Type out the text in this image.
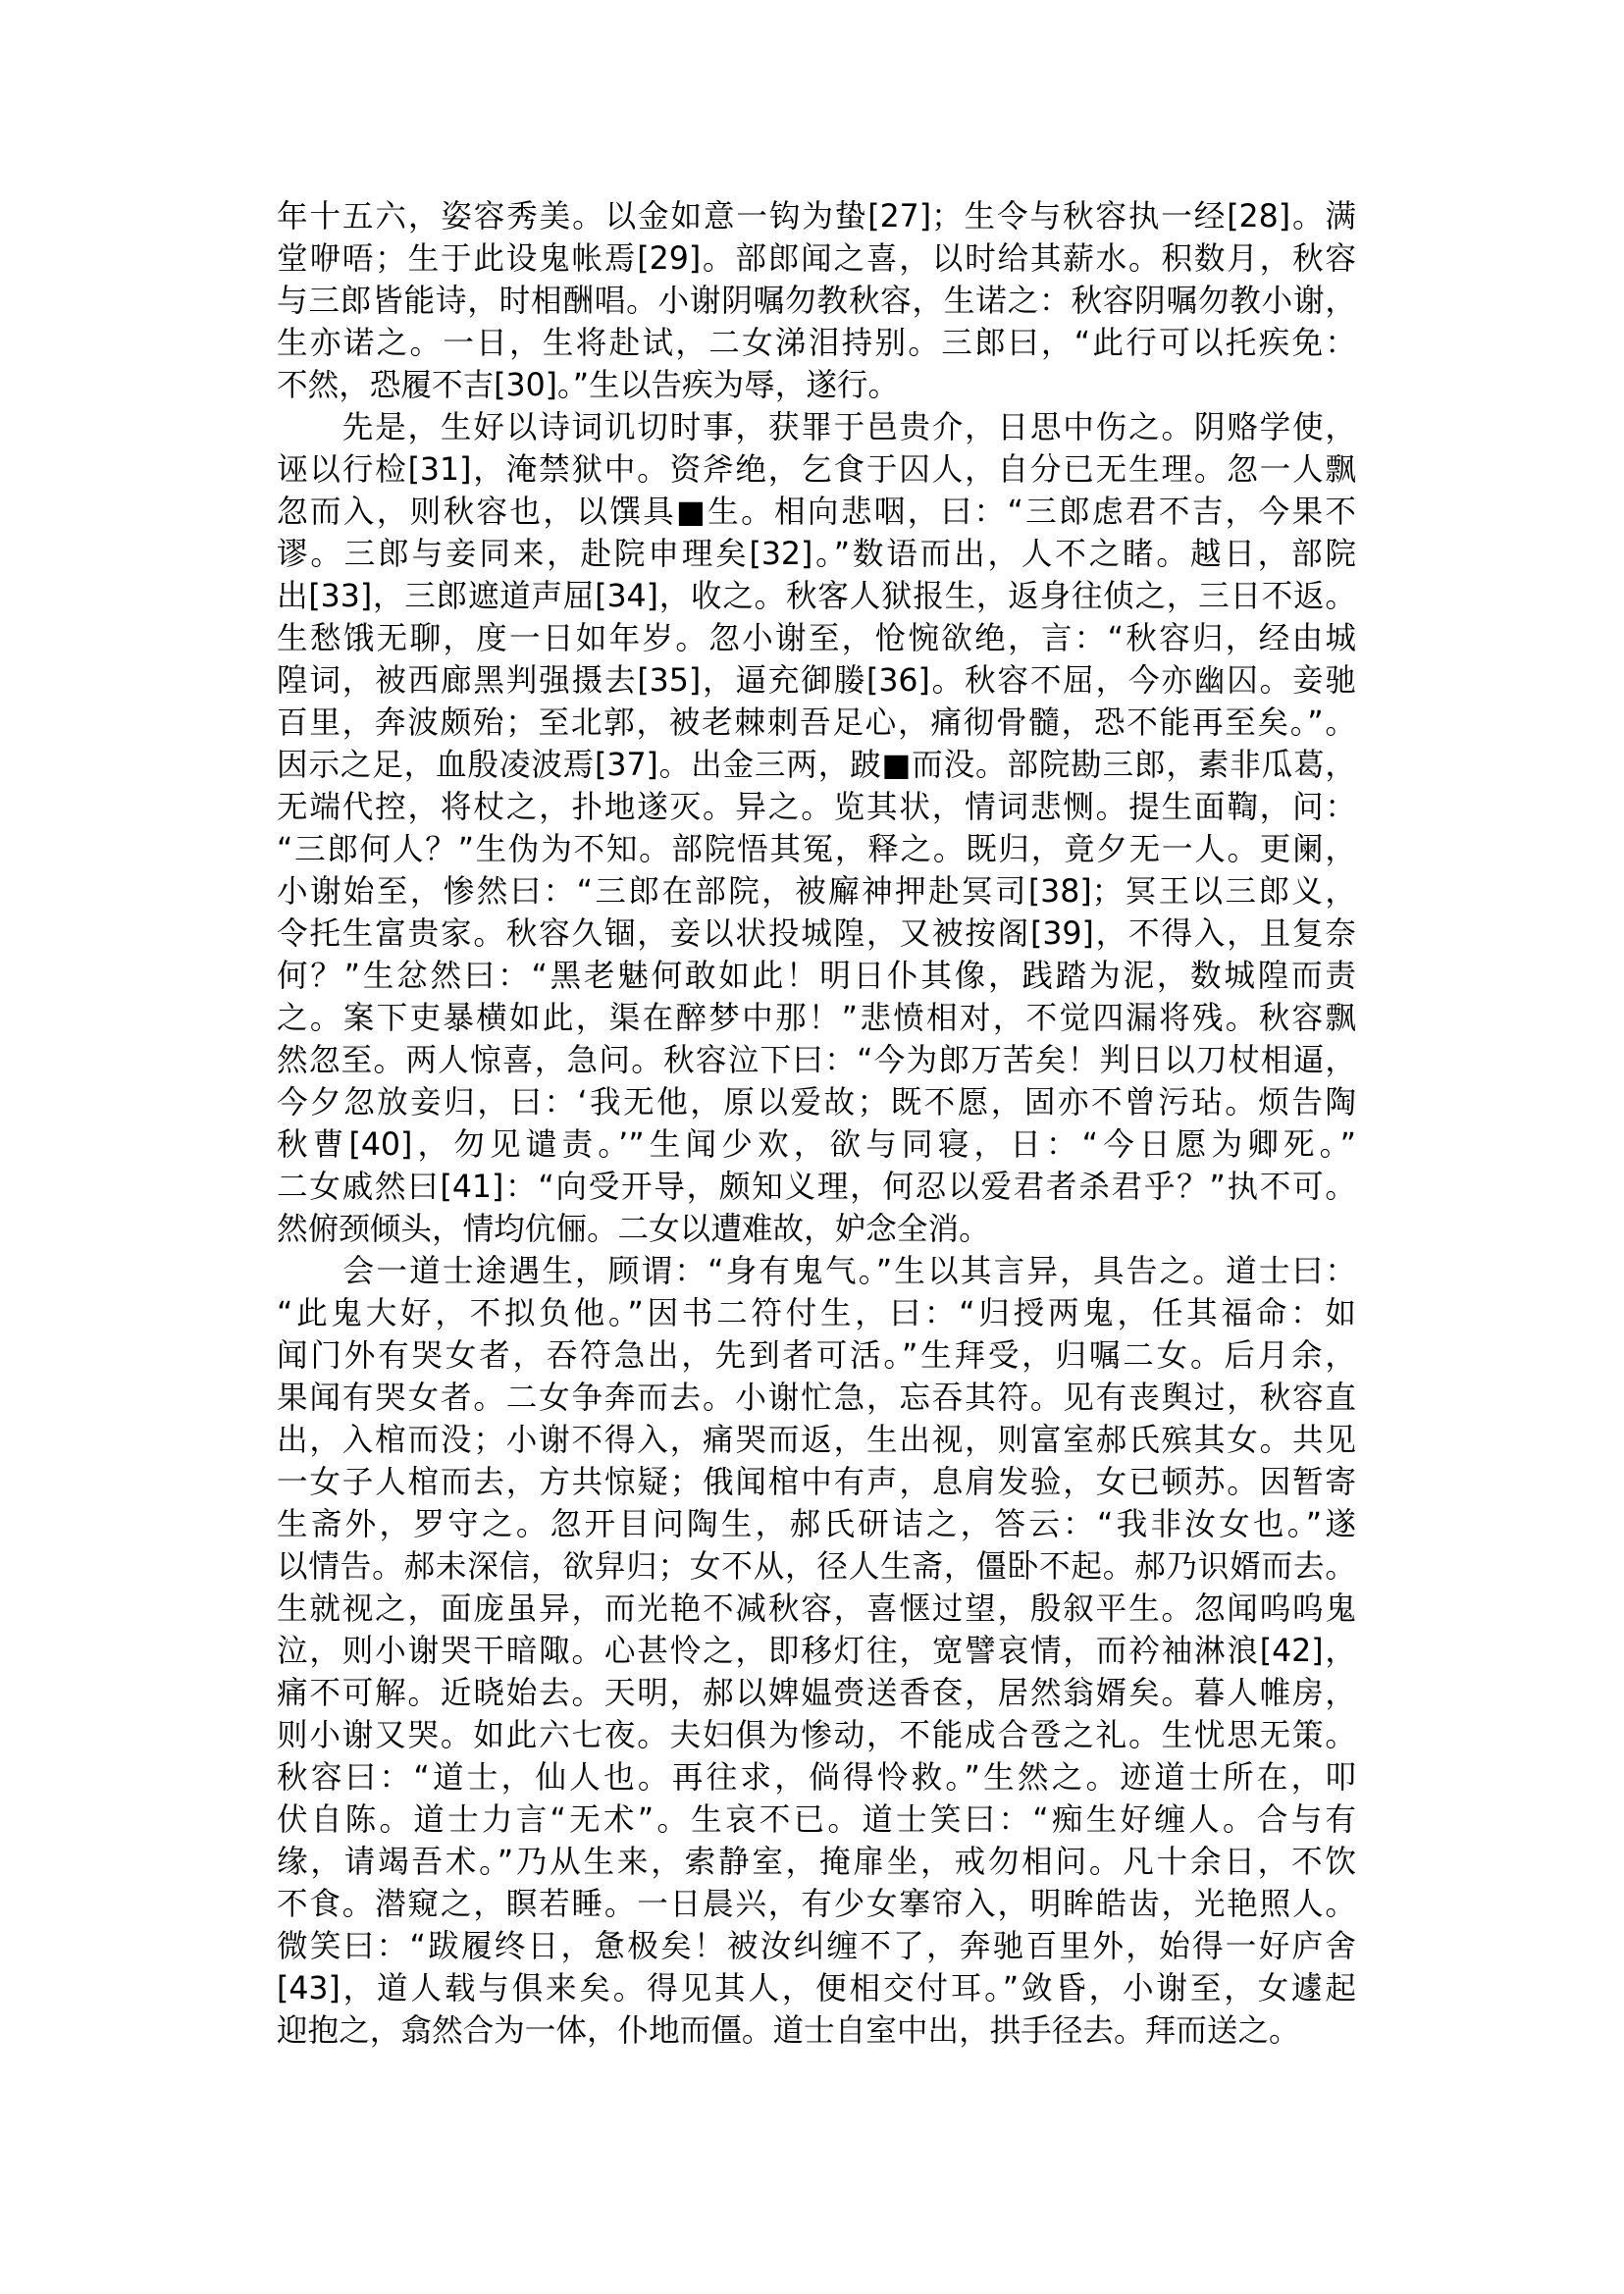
年十五六，姿容秀美。以金如意一钩为蛰[27]；生令与秋容执一经[28]。满
堂咿唔；生于此设鬼帐焉[29]。部郎闻之喜，以时给其薪水。积数月，秋容
与三郎皆能诗，时相酬唱。小谢阴嘱勿教秋容，生诺之：秋容阴嘱勿教小谢，
生亦诺之。一日，生将赴试，二女涕泪持别。三郎曰，“此行可以托疾免：
不然，恐履不吉[30]。”生以告疾为辱，遂行。
　　先是，生好以诗词讥切时事，获罪于邑贵介，日思中伤之。阴赂学使，
诬以行检[31]，淹禁狱中。资斧绝，乞食于囚人，自分已无生理。忽一人飘
忽而入，则秋容也，以馔具■生。相向悲咽，曰：“三郎虑君不吉，今果不
谬。三郎与妾同来，赴院申理矣[32]。”数语而出，人不之睹。越日，部院
出[33]，三郎遮道声屈[34]，收之。秋客人狱报生，返身往侦之，三日不返。
生愁饿无聊，度一日如年岁。忽小谢至，怆惋欲绝，言：“秋容归，经由城
隍词，被西廊黑判强摄去[35]，逼充御媵[36]。秋容不屈，今亦幽囚。妾驰
百里，奔波颇殆；至北郭，被老棘刺吾足心，痛彻骨髓，恐不能再至矣。”。
因示之足，血殷凌波焉[37]。出金三两，跛■而没。部院勘三郎，素非瓜葛，
无端代控，将杖之，扑地遂灭。异之。览其状，情词悲恻。提生面鞫，问：
“三郎何人？”生伪为不知。部院悟其冤，释之。既归，竟夕无一人。更阑，
小谢始至，惨然曰：“三郎在部院，被廨神押赴冥司[38]；冥王以三郎义，
令托生富贵家。秋容久锢，妾以状投城隍，又被按阁[39]，不得入，且复奈
何？”生忿然曰：“黑老魅何敢如此！明日仆其像，践踏为泥，数城隍而责
之。案下吏暴横如此，渠在醉梦中那！”悲愤相对，不觉四漏将残。秋容飘
然忽至。两人惊喜，急问。秋容泣下曰：“今为郎万苦矣！判日以刀杖相逼，
今夕忽放妾归，曰：‘我无他，原以爱故；既不愿，固亦不曾污玷。烦告陶
秋曹[40]，勿见谴责。’”生闻少欢，欲与同寝，日：“今日愿为卿死。”
二女戚然曰[41]：“向受开导，颇知义理，何忍以爱君者杀君乎？”执不可。
然俯颈倾头，情均伉俪。二女以遭难故，妒念全消。
　　会一道士途遇生，顾谓：“身有鬼气。”生以其言异，具告之。道士曰：
“此鬼大好，不拟负他。”因书二符付生，曰：“归授两鬼，任其福命：如
闻门外有哭女者，吞符急出，先到者可活。”生拜受，归嘱二女。后月余，
果闻有哭女者。二女争奔而去。小谢忙急，忘吞其符。见有丧舆过，秋容直
出，入棺而没；小谢不得入，痛哭而返，生出视，则富室郝氏殡其女。共见
一女子人棺而去，方共惊疑；俄闻棺中有声，息肩发验，女已顿苏。因暂寄
生斋外，罗守之。忽开目问陶生，郝氏研诘之，答云：“我非汝女也。”遂
以情告。郝未深信，欲舁归；女不从，径人生斋，僵卧不起。郝乃识婿而去。
生就视之，面庞虽异，而光艳不减秋容，喜惬过望，殷叙平生。忽闻呜呜鬼
泣，则小谢哭干暗陬。心甚怜之，即移灯往，宽譬哀情，而衿袖淋浪[42]，
痛不可解。近晓始去。天明，郝以婢媪赍送香奁，居然翁婿矣。暮人帷房，
则小谢又哭。如此六七夜。夫妇俱为惨动，不能成合卺之礼。生忧思无策。
秋容曰：“道士，仙人也。再往求，倘得怜救。”生然之。迹道士所在，叩
伏自陈。道士力言“无术”。生哀不已。道士笑曰：“痴生好缠人。合与有
缘，请竭吾术。”乃从生来，索静室，掩扉坐，戒勿相问。凡十余日，不饮
不食。潜窥之，瞑若睡。一日晨兴，有少女搴帘入，明眸皓齿，光艳照人。
微笑曰：“跋履终日，惫极矣！被汝纠缠不了，奔驰百里外，始得一好庐舍
[43]，道人载与俱来矣。得见其人，便相交付耳。”敛昏，小谢至，女遽起
迎抱之，翕然合为一体，仆地而僵。道士自室中出，拱手径去。拜而送之。
